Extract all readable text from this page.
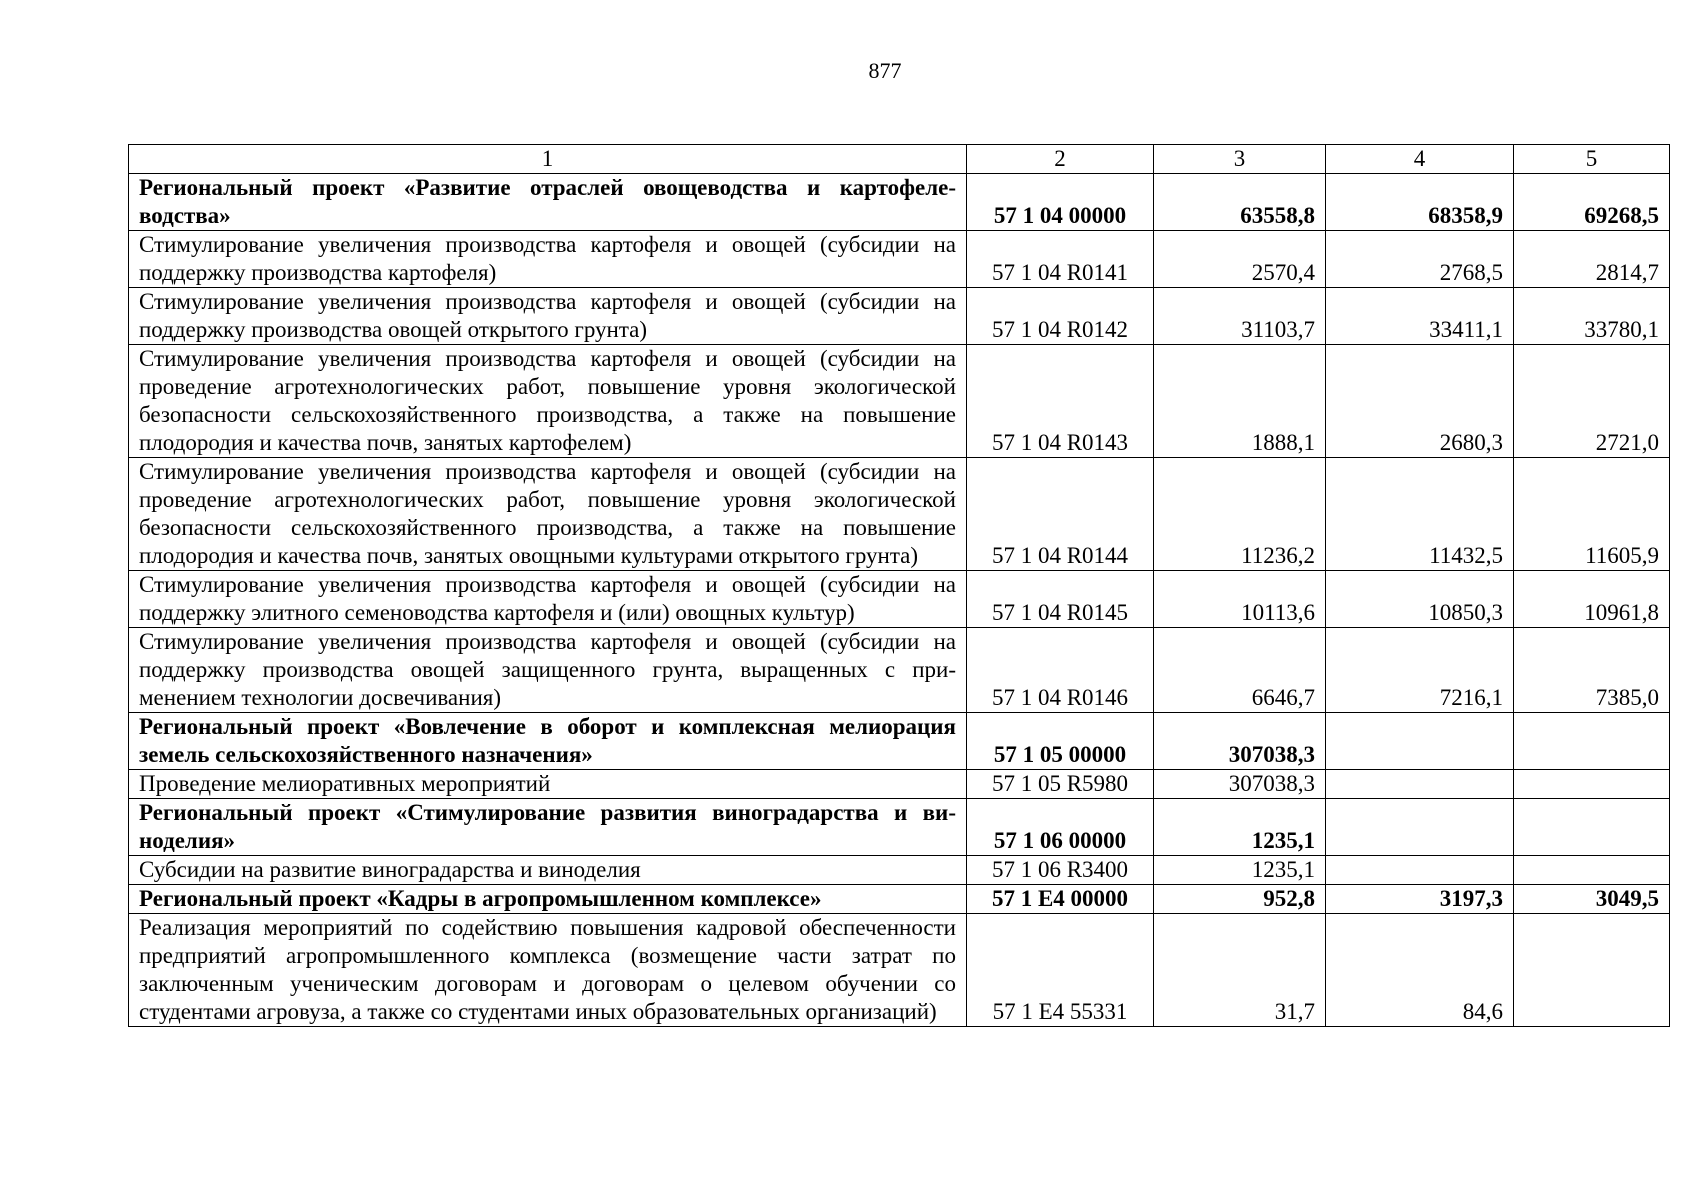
877
1	2	3	4	5
Региональный проект «Развитие отраслей овощеводства и картофелеводства»	57 1 04 00000	63558,8	68358,9	69268,5
Стимулирование увеличения производства картофеля и овощей (субсидии на поддержку производства картофеля)	57 1 04 R0141	2570,4	2768,5	2814,7
Стимулирование увеличения производства картофеля и овощей (субсидии на поддержку производства овощей открытого грунта)	57 1 04 R0142	31103,7	33411,1	33780,1
Стимулирование увеличения производства картофеля и овощей (субсидии на проведение агротехнологических работ, повышение уровня экологической безопасности сельскохозяйственного производства, а также на повышение плодородия и качества почв, занятых картофелем)	57 1 04 R0143	1888,1	2680,3	2721,0
Стимулирование увеличения производства картофеля и овощей (субсидии на проведение агротехнологических работ, повышение уровня экологической безопасности сельскохозяйственного производства, а также на повышение плодородия и качества почв, занятых овощными культурами открытого грунта)	57 1 04 R0144	11236,2	11432,5	11605,9
Стимулирование увеличения производства картофеля и овощей (субсидии на поддержку элитного семеноводства картофеля и (или) овощных культур)	57 1 04 R0145	10113,6	10850,3	10961,8
Стимулирование увеличения производства картофеля и овощей (субсидии на поддержку производства овощей защищенного грунта, выращенных с применением технологии досвечивания)	57 1 04 R0146	6646,7	7216,1	7385,0
Региональный проект «Вовлечение в оборот и комплексная мелиорация земель сельскохозяйственного назначения»	57 1 05 00000	307038,3		
Проведение мелиоративных мероприятий	57 1 05 R5980	307038,3		
Региональный проект «Стимулирование развития виноградарства и виноделия»	57 1 06 00000	1235,1		
Субсидии на развитие виноградарства и виноделия	57 1 06 R3400	1235,1		
Региональный проект «Кадры в агропромышленном комплексе»	57 1 E4 00000	952,8	3197,3	3049,5
Реализация мероприятий по содействию повышения кадровой обеспеченности предприятий агропромышленного комплекса (возмещение части затрат по заключенным ученическим договорам и договорам о целевом обучении со студентами агровуза, а также со студентами иных образовательных организаций)	57 1 E4 55331	31,7	84,6	
